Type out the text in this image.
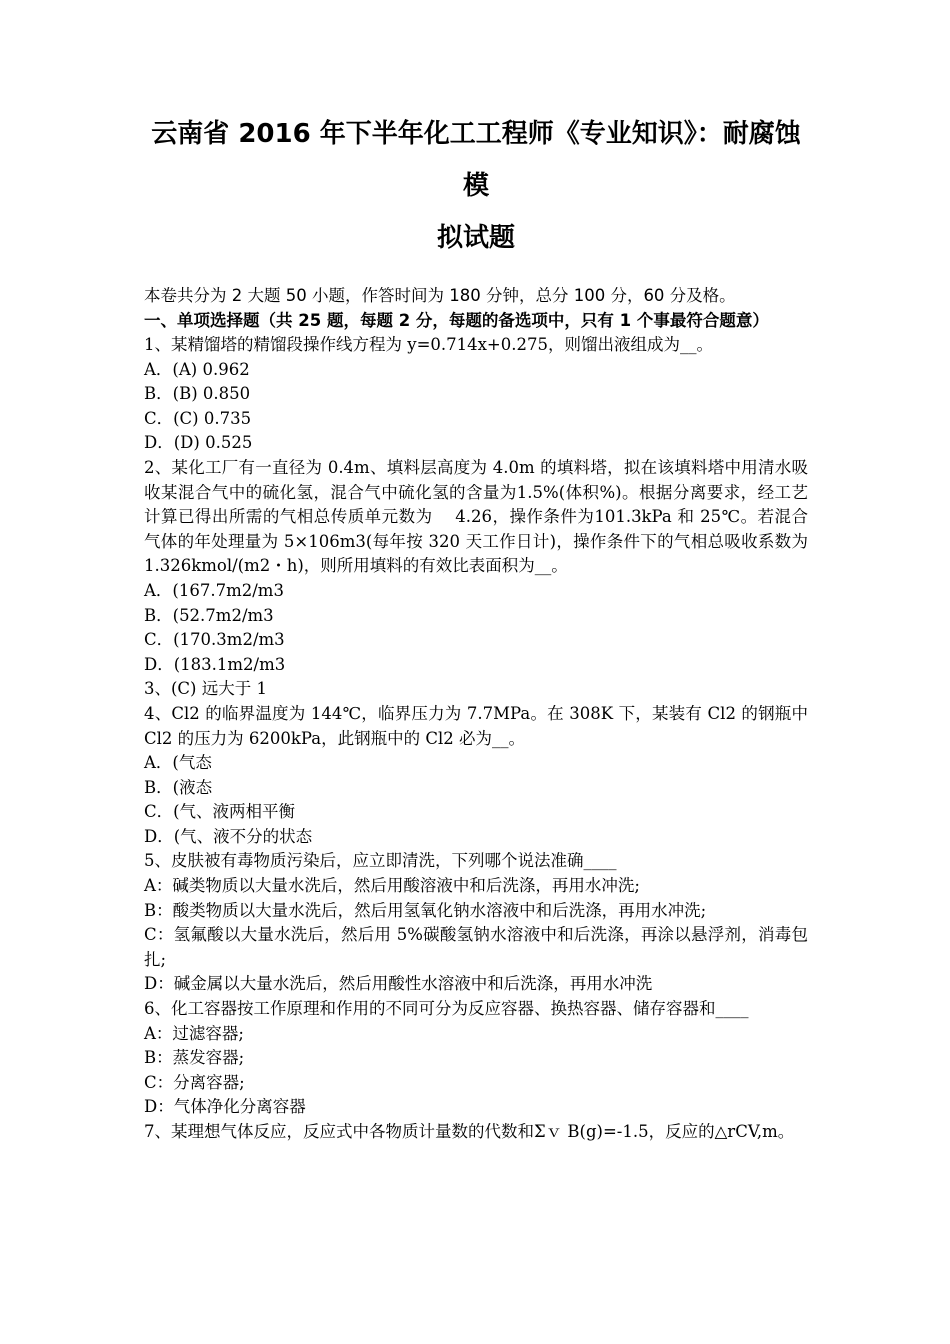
云南省 2016 年下半年化工工程师《专业知识》：耐腐蚀模
拟试题

本卷共分为 2 大题 50 小题，作答时间为 180 分钟，总分 100 分，60 分及格。

一、单项选择题（共 25 题，每题 2 分，每题的备选项中，只有 1 个事最符合题意）

1、某精馏塔的精馏段操作线方程为 y=0.714x+0.275，则馏出液组成为__。

A．(A) 0.962

B．(B) 0.850

C．(C) 0.735

D．(D) 0.525

2、某化工厂有一直径为 0.4m、填料层高度为 4.0m 的填料塔，拟在该填料塔中用清水吸收某混合气中的硫化氢，混合气中硫化氢的含量为1.5%(体积%)。根据分离要求，经工艺计算已得出所需的气相总传质单元数为　 4.26，操作条件为101.3kPa 和 25℃。若混合气体的年处理量为 5×106m3(每年按 320 天工作日计)，操作条件下的气相总吸收系数为 1.326kmol/(m2・h)，则所用填料的有效比表面积为__。

A．(167.7m2/m3

B．(52.7m2/m3

C．(170.3m2/m3

D．(183.1m2/m3

3、(C) 远大于 1

4、Cl2 的临界温度为 144℃，临界压力为 7.7MPa。在 308K 下，某装有 Cl2 的钢瓶中 Cl2 的压力为 6200kPa，此钢瓶中的 Cl2 必为__。

A．(气态

B．(液态

C．(气、液两相平衡

D．(气、液不分的状态

5、皮肤被有毒物质污染后，应立即清洗，下列哪个说法准确____

A：碱类物质以大量水洗后，然后用酸溶液中和后洗涤，再用水冲洗;

B：酸类物质以大量水洗后，然后用氢氧化钠水溶液中和后洗涤，再用水冲洗;

C：氢氟酸以大量水洗后，然后用 5%碳酸氢钠水溶液中和后洗涤，再涂以悬浮剂，消毒包扎;

D：碱金属以大量水洗后，然后用酸性水溶液中和后洗涤，再用水冲洗

6、化工容器按工作原理和作用的不同可分为反应容器、换热容器、储存容器和____

A：过滤容器;

B：蒸发容器;

C：分离容器;

D：气体净化分离容器

7、某理想气体反应，反应式中各物质计量数的代数和Σｖ B(g)=-1.5，反应的△rCV,m。
